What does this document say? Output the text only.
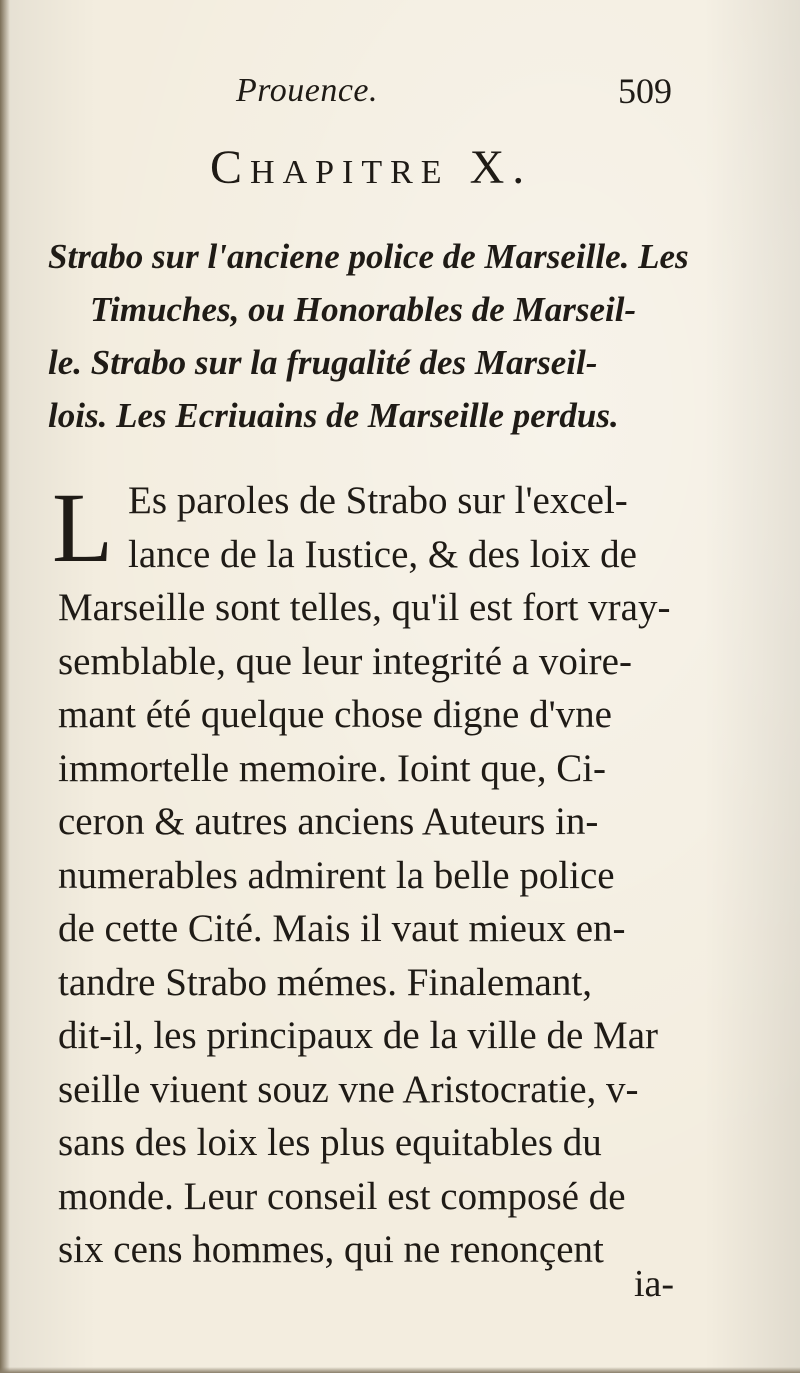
Prouence.	509
Chapitre X.
Strabo sur l'anciene police de Marseille. Les
Timuches, ou Honorables de Marseil-
le. Strabo sur la frugalité des Marseil-
lois. Les Ecriuains de Marseille perdus.
L Es paroles de Strabo sur l'excel-
lance de la Iustice, & des loix de
Marseille sont telles, qu'il est fort vray-
semblable, que leur integrité a voire-
mant été quelque chose digne d'vne
immortelle memoire. Ioint que, Ci-
ceron & autres anciens Auteurs in-
numerables admirent la belle police
de cette Cité. Mais il vaut mieux en-
tandre Strabo mémes. Finalemant,
dit-il, les principaux de la ville de Mar
seille viuent souz vne Aristocratie, v-
sans des loix les plus equitables du
monde. Leur conseil est composé de
six cens hommes, qui ne renonçent
ia-
